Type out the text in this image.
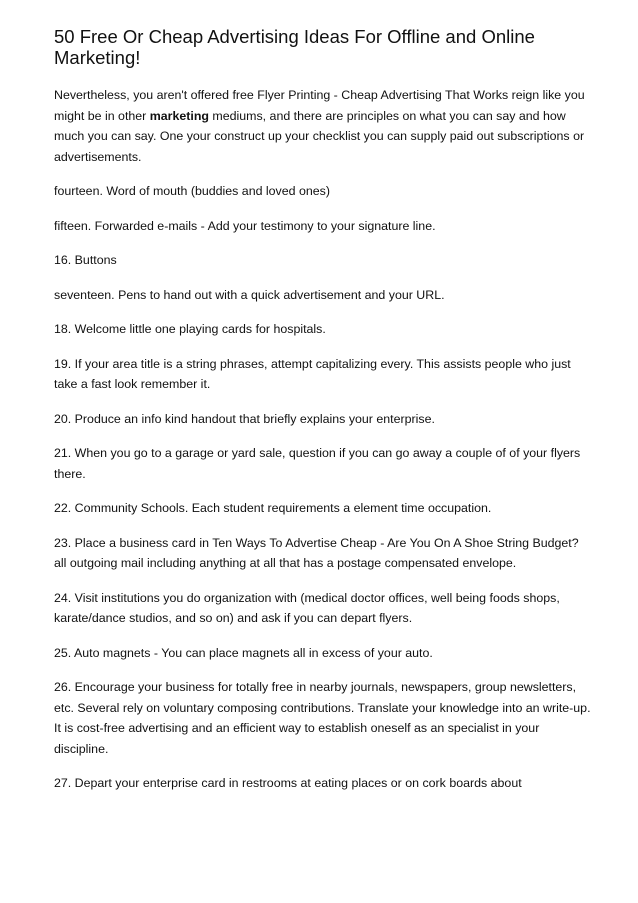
50 Free Or Cheap Advertising Ideas For Offline and Online Marketing!

Nevertheless, you aren't offered free Flyer Printing - Cheap Advertising That Works reign like you might be in other marketing mediums, and there are principles on what you can say and how much you can say. One your construct up your checklist you can supply paid out subscriptions or advertisements.

fourteen. Word of mouth (buddies and loved ones)

fifteen. Forwarded e-mails - Add your testimony to your signature line.

16. Buttons

seventeen. Pens to hand out with a quick advertisement and your URL.

18. Welcome little one playing cards for hospitals.

19. If your area title is a string phrases, attempt capitalizing every. This assists people who just take a fast look remember it.

20. Produce an info kind handout that briefly explains your enterprise.

21. When you go to a garage or yard sale, question if you can go away a couple of of your flyers there.

22. Community Schools. Each student requirements a element time occupation.

23. Place a business card in Ten Ways To Advertise Cheap - Are You On A Shoe String Budget? all outgoing mail including anything at all that has a postage compensated envelope.

24. Visit institutions you do organization with (medical doctor offices, well being foods shops, karate/dance studios, and so on) and ask if you can depart flyers.

25. Auto magnets - You can place magnets all in excess of your auto.

26. Encourage your business for totally free in nearby journals, newspapers, group newsletters, etc. Several rely on voluntary composing contributions. Translate your knowledge into an write-up. It is cost-free advertising and an efficient way to establish oneself as an specialist in your discipline.

27. Depart your enterprise card in restrooms at eating places or on cork boards about
